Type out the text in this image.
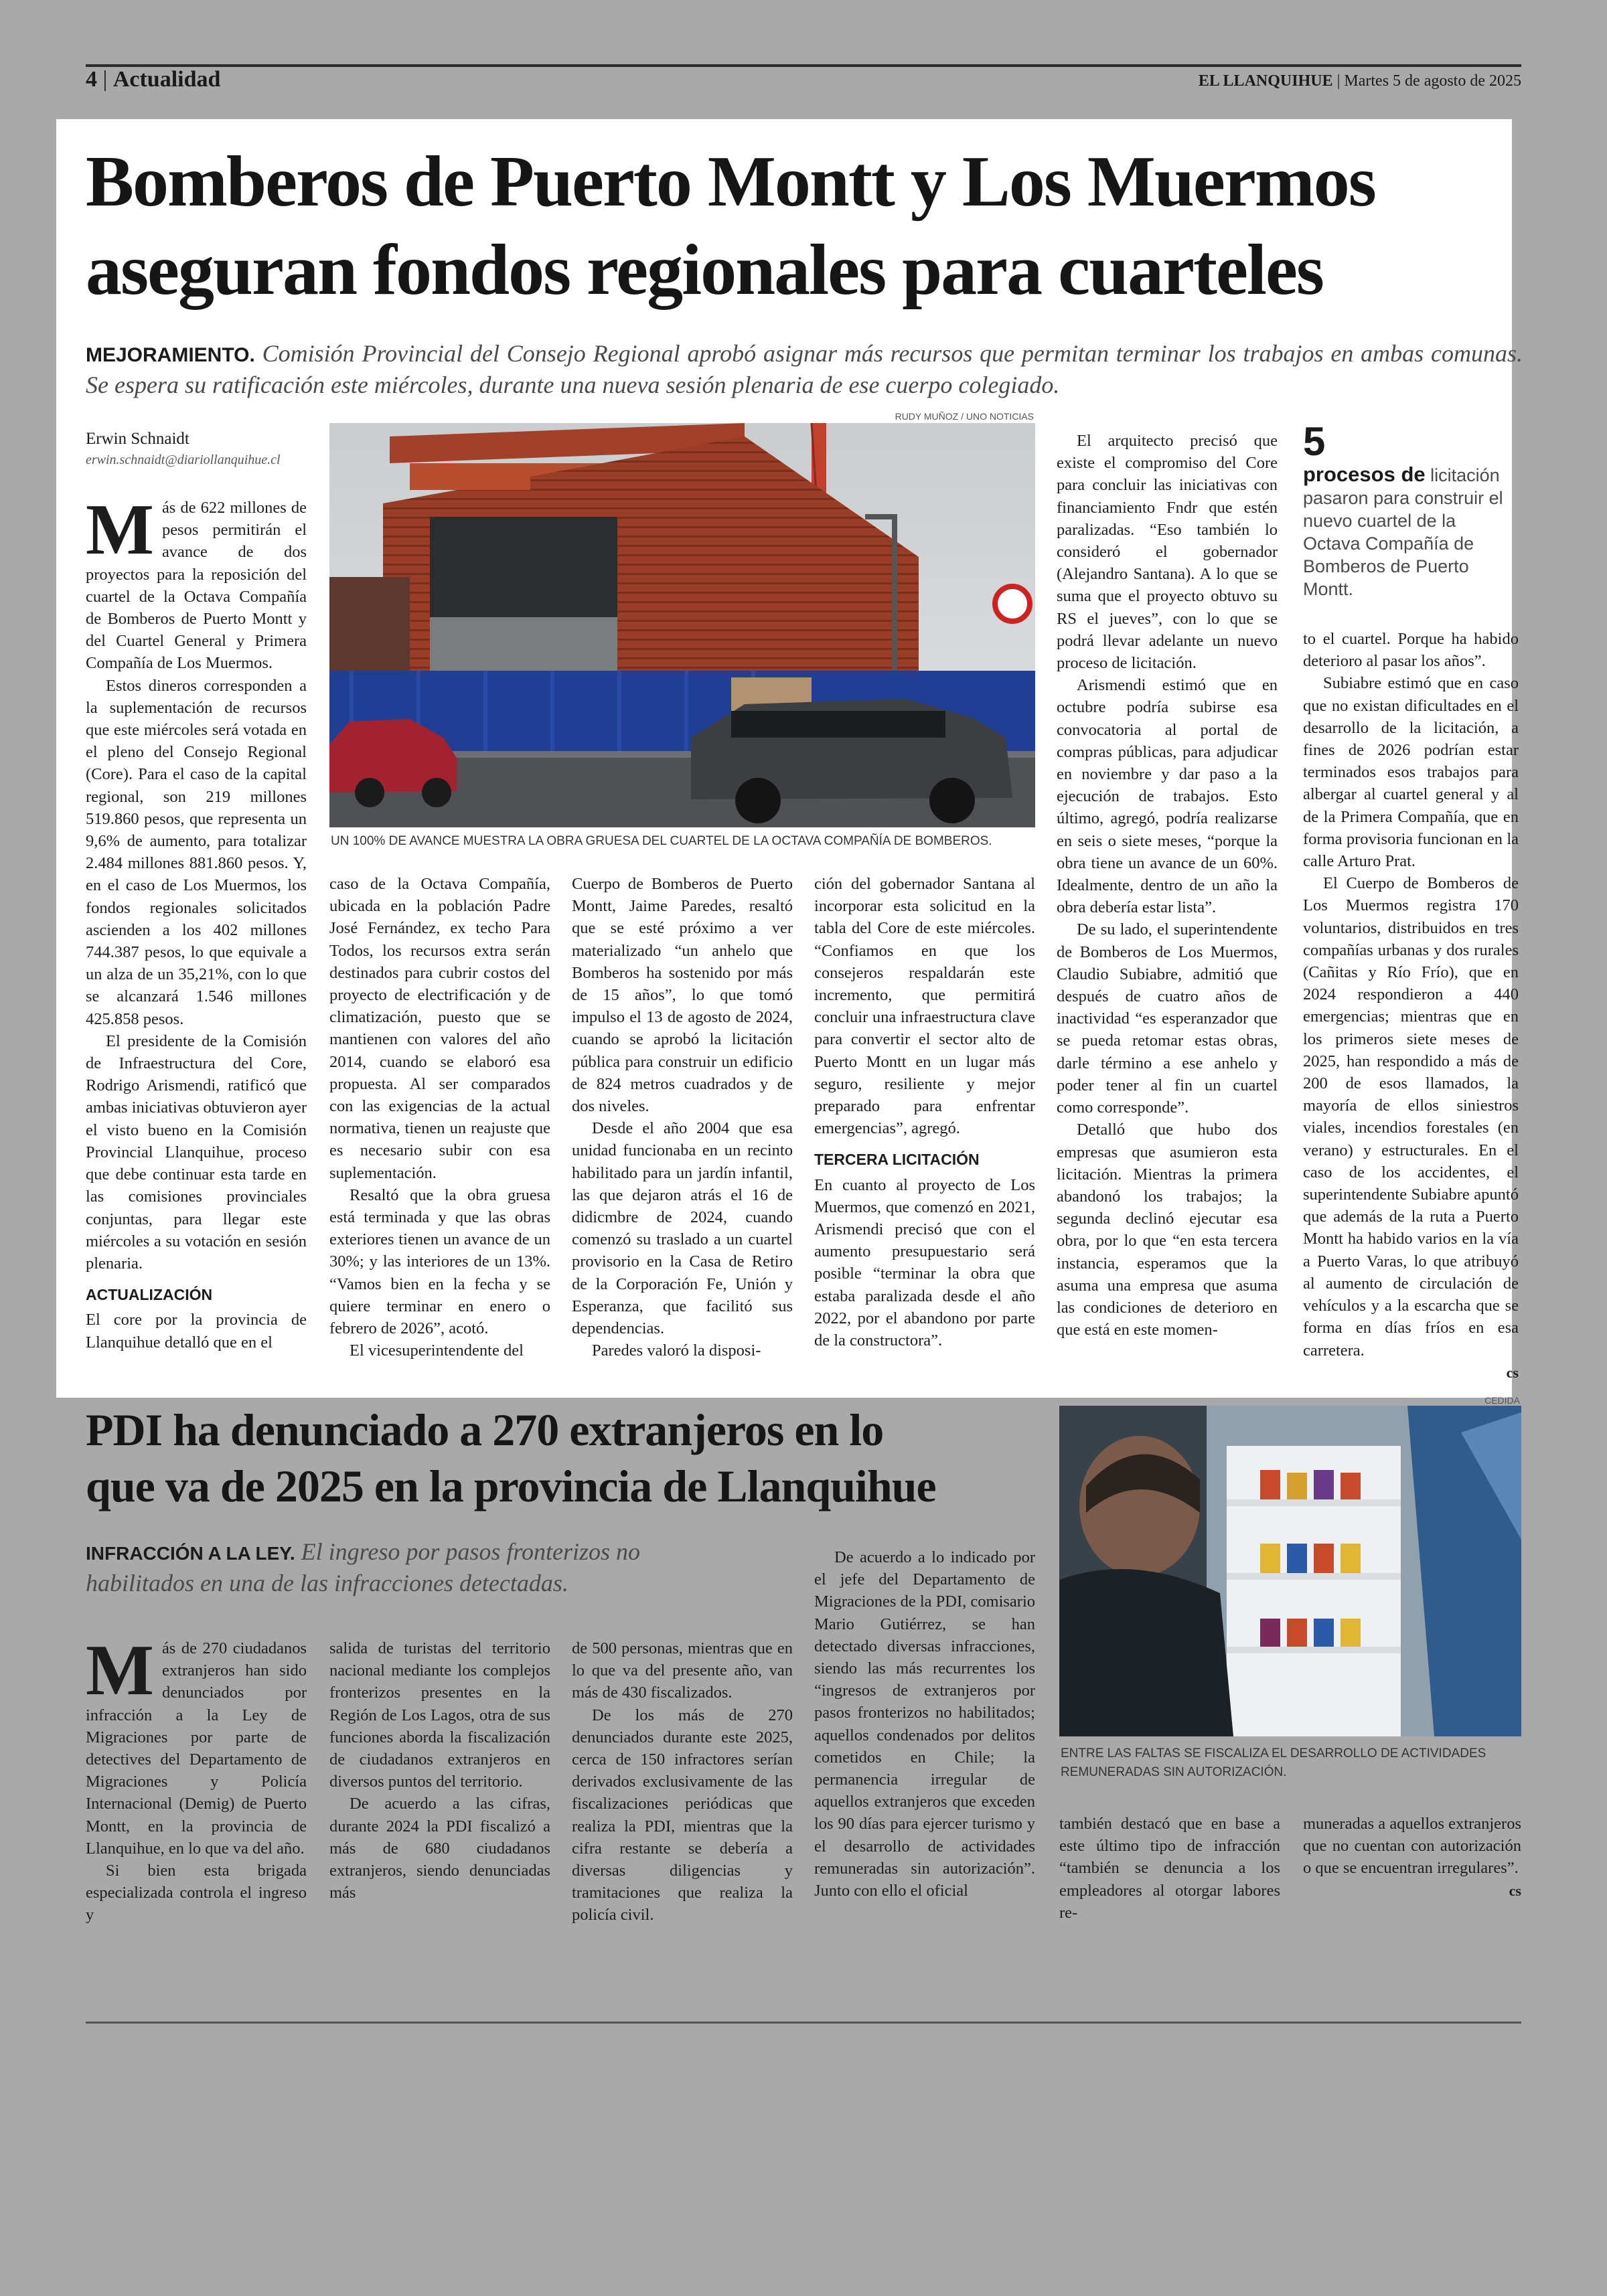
4 | Actualidad	EL LLANQUIHUE | Martes 5 de agosto de 2025
Bomberos de Puerto Montt y Los Muermos
aseguran fondos regionales para cuarteles
MEJORAMIENTO. Comisión Provincial del Consejo Regional aprobó asignar más recursos que permitan terminar los trabajos en ambas comunas. Se espera su ratificación este miércoles, durante una nueva sesión plenaria de ese cuerpo colegiado.
Erwin Schnaidt
erwin.schnaidt@diariollanquihue.cl
RUDY MUÑOZ / UNO NOTICIAS
UN 100% DE AVANCE MUESTRA LA OBRA GRUESA DEL CUARTEL DE LA OCTAVA COMPAÑÍA DE BOMBEROS.

Más de 622 millones de pesos permitirán el avance de dos proyectos para la reposición del cuartel de la Octava Compañía de Bomberos de Puerto Montt y del Cuartel General y Primera Compañía de Los Muermos.

Estos dineros corresponden a la suplementación de recursos que este miércoles será votada en el pleno del Consejo Regional (Core). Para el caso de la capital regional, son 219 millones 519.860 pesos, que representa un 9,6% de aumento, para totalizar 2.484 millones 881.860 pesos. Y, en el caso de Los Muermos, los fondos regionales solicitados ascienden a los 402 millones 744.387 pesos, lo que equivale a un alza de un 35,21%, con lo que se alcanzará 1.546 millones 425.858 pesos.

El presidente de la Comisión de Infraestructura del Core, Rodrigo Arismendi, ratificó que ambas iniciativas obtuvieron ayer el visto bueno en la Comisión Provincial Llanquihue, proceso que debe continuar esta tarde en las comisiones provinciales conjuntas, para llegar este miércoles a su votación en sesión plenaria.

ACTUALIZACIÓN

El core por la provincia de Llanquihue detalló que en el

caso de la Octava Compañía, ubicada en la población Padre José Fernández, ex techo Para Todos, los recursos extra serán destinados para cubrir costos del proyecto de electrificación y de climatización, puesto que se mantienen con valores del año 2014, cuando se elaboró esa propuesta. Al ser comparados con las exigencias de la actual normativa, tienen un reajuste que es necesario subir con esa suplementación.

Resaltó que la obra gruesa está terminada y que las obras exteriores tienen un avance de un 30%; y las interiores de un 13%. “Vamos bien en la fecha y se quiere terminar en enero o febrero de 2026”, acotó.

El vicesuperintendente del

Cuerpo de Bomberos de Puerto Montt, Jaime Paredes, resaltó que se esté próximo a ver materializado “un anhelo que Bomberos ha sostenido por más de 15 años”, lo que tomó impulso el 13 de agosto de 2024, cuando se aprobó la licitación pública para construir un edificio de 824 metros cuadrados y de dos niveles.

Desde el año 2004 que esa unidad funcionaba en un recinto habilitado para un jardín infantil, las que dejaron atrás el 16 de didicmbre de 2024, cuando comenzó su traslado a un cuartel provisorio en la Casa de Retiro de la Corporación Fe, Unión y Esperanza, que facilitó sus dependencias.

Paredes valoró la disposi-

ción del gobernador Santana al incorporar esta solicitud en la tabla del Core de este miércoles. “Confiamos en que los consejeros respaldarán este incremento, que permitirá concluir una infraestructura clave para convertir el sector alto de Puerto Montt en un lugar más seguro, resiliente y mejor preparado para enfrentar emergencias”, agregó.

TERCERA LICITACIÓN

En cuanto al proyecto de Los Muermos, que comenzó en 2021, Arismendi precisó que con el aumento presupuestario será posible “terminar la obra que estaba paralizada desde el año 2022, por el abandono por parte de la constructora”.

El arquitecto precisó que existe el compromiso del Core para concluir las iniciativas con financiamiento Fndr que estén paralizadas. “Eso también lo consideró el gobernador (Alejandro Santana). A lo que se suma que el proyecto obtuvo su RS el jueves”, con lo que se podrá llevar adelante un nuevo proceso de licitación.

Arismendi estimó que en octubre podría subirse esa convocatoria al portal de compras públicas, para adjudicar en noviembre y dar paso a la ejecución de trabajos. Esto último, agregó, podría realizarse en seis o siete meses, “porque la obra tiene un avance de un 60%. Idealmente, dentro de un año la obra debería estar lista”.

De su lado, el superintendente de Bomberos de Los Muermos, Claudio Subiabre, admitió que después de cuatro años de inactividad “es esperanzador que se pueda retomar estas obras, darle término a ese anhelo y poder tener al fin un cuartel como corresponde”.

Detalló que hubo dos empresas que asumieron esta licitación. Mientras la primera abandonó los trabajos; la segunda declinó ejecutar esa obra, por lo que “en esta tercera instancia, esperamos que la asuma una empresa que asuma las condiciones de deterioro en que está en este momen-

5
procesos de licitación pasaron para construir el nuevo cuartel de la Octava Compañía de Bomberos de Puerto Montt.

to el cuartel. Porque ha habido deterioro al pasar los años”.

Subiabre estimó que en caso que no existan dificultades en el desarrollo de la licitación, a fines de 2026 podrían estar terminados esos trabajos para albergar al cuartel general y al de la Primera Compañía, que en forma provisoria funcionan en la calle Arturo Prat.

El Cuerpo de Bomberos de Los Muermos registra 170 voluntarios, distribuidos en tres compañías urbanas y dos rurales (Cañitas y Río Frío), que en 2024 respondieron a 440 emergencias; mientras que en los primeros siete meses de 2025, han respondido a más de 200 de esos llamados, la mayoría de ellos siniestros viales, incendios forestales (en verano) y estructurales. En el caso de los accidentes, el superintendente Subiabre apuntó que además de la ruta a Puerto Montt ha habido varios en la vía a Puerto Varas, lo que atribuyó al aumento de circulación de vehículos y a la escarcha que se forma en días fríos en esa carretera.

cs
PDI ha denunciado a 270 extranjeros en lo
que va de 2025 en la provincia de Llanquihue
INFRACCIÓN A LA LEY. El ingreso por pasos fronterizos no
habilitados en una de las infracciones detectadas.
CEDIDA
ENTRE LAS FALTAS SE FISCALIZA EL DESARROLLO DE ACTIVIDADES REMUNERADAS SIN AUTORIZACIÓN.

Más de 270 ciudadanos extranjeros han sido denunciados por infracción a la Ley de Migraciones por parte de detectives del Departamento de Migraciones y Policía Internacional (Demig) de Puerto Montt, en la provincia de Llanquihue, en lo que va del año.

Si bien esta brigada especializada controla el ingreso y

salida de turistas del territorio nacional mediante los complejos fronterizos presentes en la Región de Los Lagos, otra de sus funciones aborda la fiscalización de ciudadanos extranjeros en diversos puntos del territorio.

De acuerdo a las cifras, durante 2024 la PDI fiscalizó a más de 680 ciudadanos extranjeros, siendo denunciadas más

de 500 personas, mientras que en lo que va del presente año, van más de 430 fiscalizados.

De los más de 270 denunciados durante este 2025, cerca de 150 infractores serían derivados exclusivamente de las fiscalizaciones periódicas que realiza la PDI, mientras que la cifra restante se debería a diversas diligencias y tramitaciones que realiza la policía civil.

De acuerdo a lo indicado por el jefe del Departamento de Migraciones de la PDI, comisario Mario Gutiérrez, se han detectado diversas infracciones, siendo las más recurrentes los “ingresos de extranjeros por pasos fronterizos no habilitados; aquellos condenados por delitos cometidos en Chile; la permanencia irregular de aquellos extranjeros que exceden los 90 días para ejercer turismo y el desarrollo de actividades remuneradas sin autorización”. Junto con ello el oficial

también destacó que en base a este último tipo de infracción “también se denuncia a los empleadores al otorgar labores re-

muneradas a aquellos extranjeros que no cuentan con autorización o que se encuentran irregulares”.

cs
